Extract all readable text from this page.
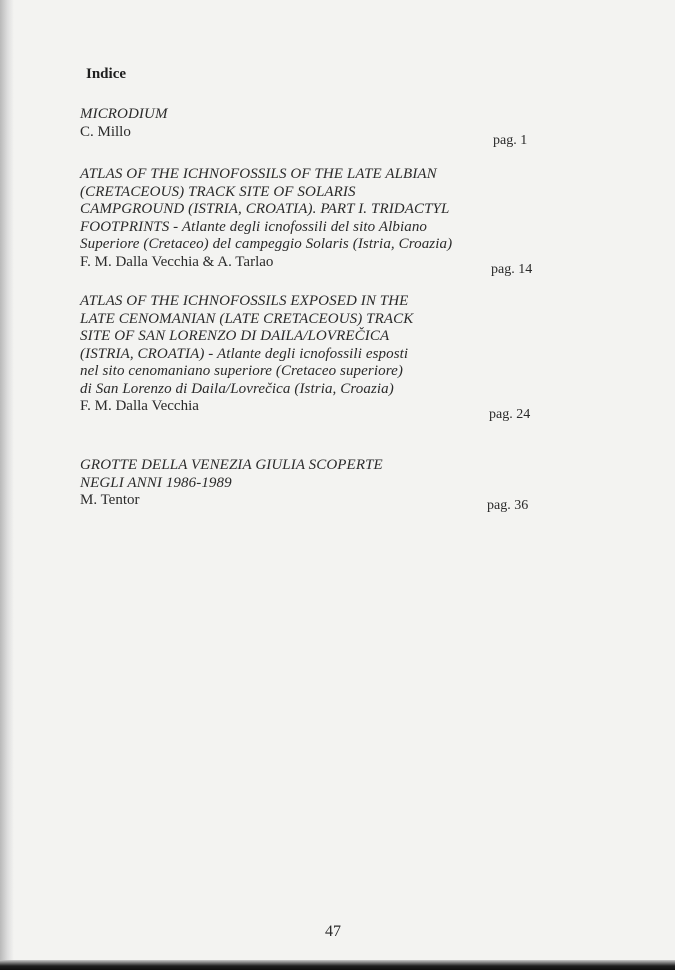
Indice
MICRODIUM
C. Millo
pag. 1
ATLAS OF THE ICHNOFOSSILS OF THE LATE ALBIAN
(CRETACEOUS) TRACK SITE OF SOLARIS
CAMPGROUND (ISTRIA, CROATIA). PART I. TRIDACTYL
FOOTPRINTS - Atlante degli icnofossili del sito Albiano
Superiore (Cretaceo) del campeggio Solaris (Istria, Croazia)
F. M. Dalla Vecchia & A. Tarlao	pag. 14
ATLAS OF THE ICHNOFOSSILS EXPOSED IN THE
LATE CENOMANIAN (LATE CRETACEOUS) TRACK
SITE OF SAN LORENZO DI DAILA/LOVREČICA
(ISTRIA, CROATIA) - Atlante degli icnofossili esposti
nel sito cenomaniano superiore (Cretaceo superiore)
di San Lorenzo di Daila/Lovrečica (Istria, Croazia)
F. M. Dalla Vecchia
pag. 24
GROTTE DELLA VENEZIA GIULIA SCOPERTE
NEGLI ANNI 1986-1989
M. Tentor	pag. 36
47
